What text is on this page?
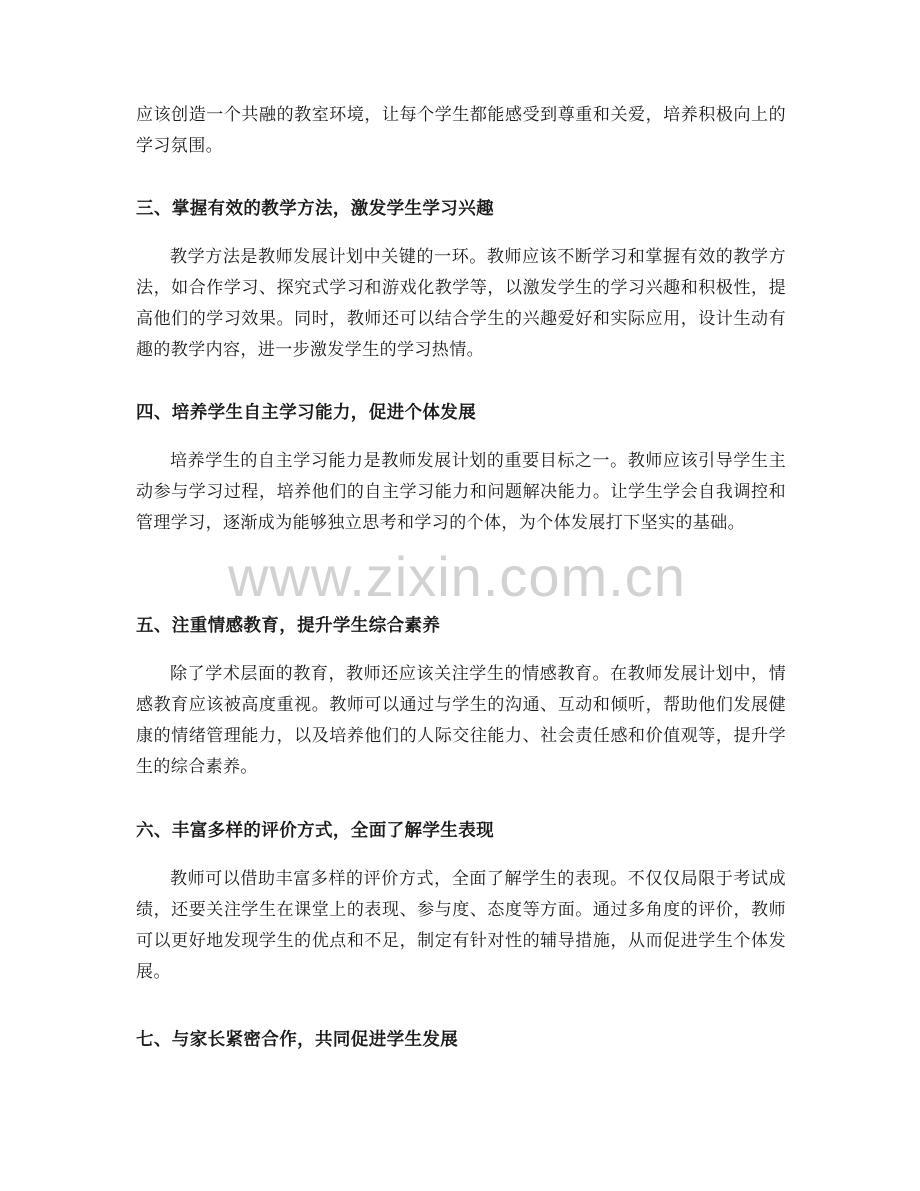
应该创造一个共融的教室环境，让每个学生都能感受到尊重和关爱，培养积极向上的学习氛围。

三、掌握有效的教学方法，激发学生学习兴趣

教学方法是教师发展计划中关键的一环。教师应该不断学习和掌握有效的教学方法，如合作学习、探究式学习和游戏化教学等，以激发学生的学习兴趣和积极性，提高他们的学习效果。同时，教师还可以结合学生的兴趣爱好和实际应用，设计生动有趣的教学内容，进一步激发学生的学习热情。

四、培养学生自主学习能力，促进个体发展

培养学生的自主学习能力是教师发展计划的重要目标之一。教师应该引导学生主动参与学习过程，培养他们的自主学习能力和问题解决能力。让学生学会自我调控和管理学习，逐渐成为能够独立思考和学习的个体，为个体发展打下坚实的基础。

五、注重情感教育，提升学生综合素养

除了学术层面的教育，教师还应该关注学生的情感教育。在教师发展计划中，情感教育应该被高度重视。教师可以通过与学生的沟通、互动和倾听，帮助他们发展健康的情绪管理能力，以及培养他们的人际交往能力、社会责任感和价值观等，提升学生的综合素养。

六、丰富多样的评价方式，全面了解学生表现

教师可以借助丰富多样的评价方式，全面了解学生的表现。不仅仅局限于考试成绩，还要关注学生在课堂上的表现、参与度、态度等方面。通过多角度的评价，教师可以更好地发现学生的优点和不足，制定有针对性的辅导措施，从而促进学生个体发展。

七、与家长紧密合作，共同促进学生发展
www.zixin.com.cn
